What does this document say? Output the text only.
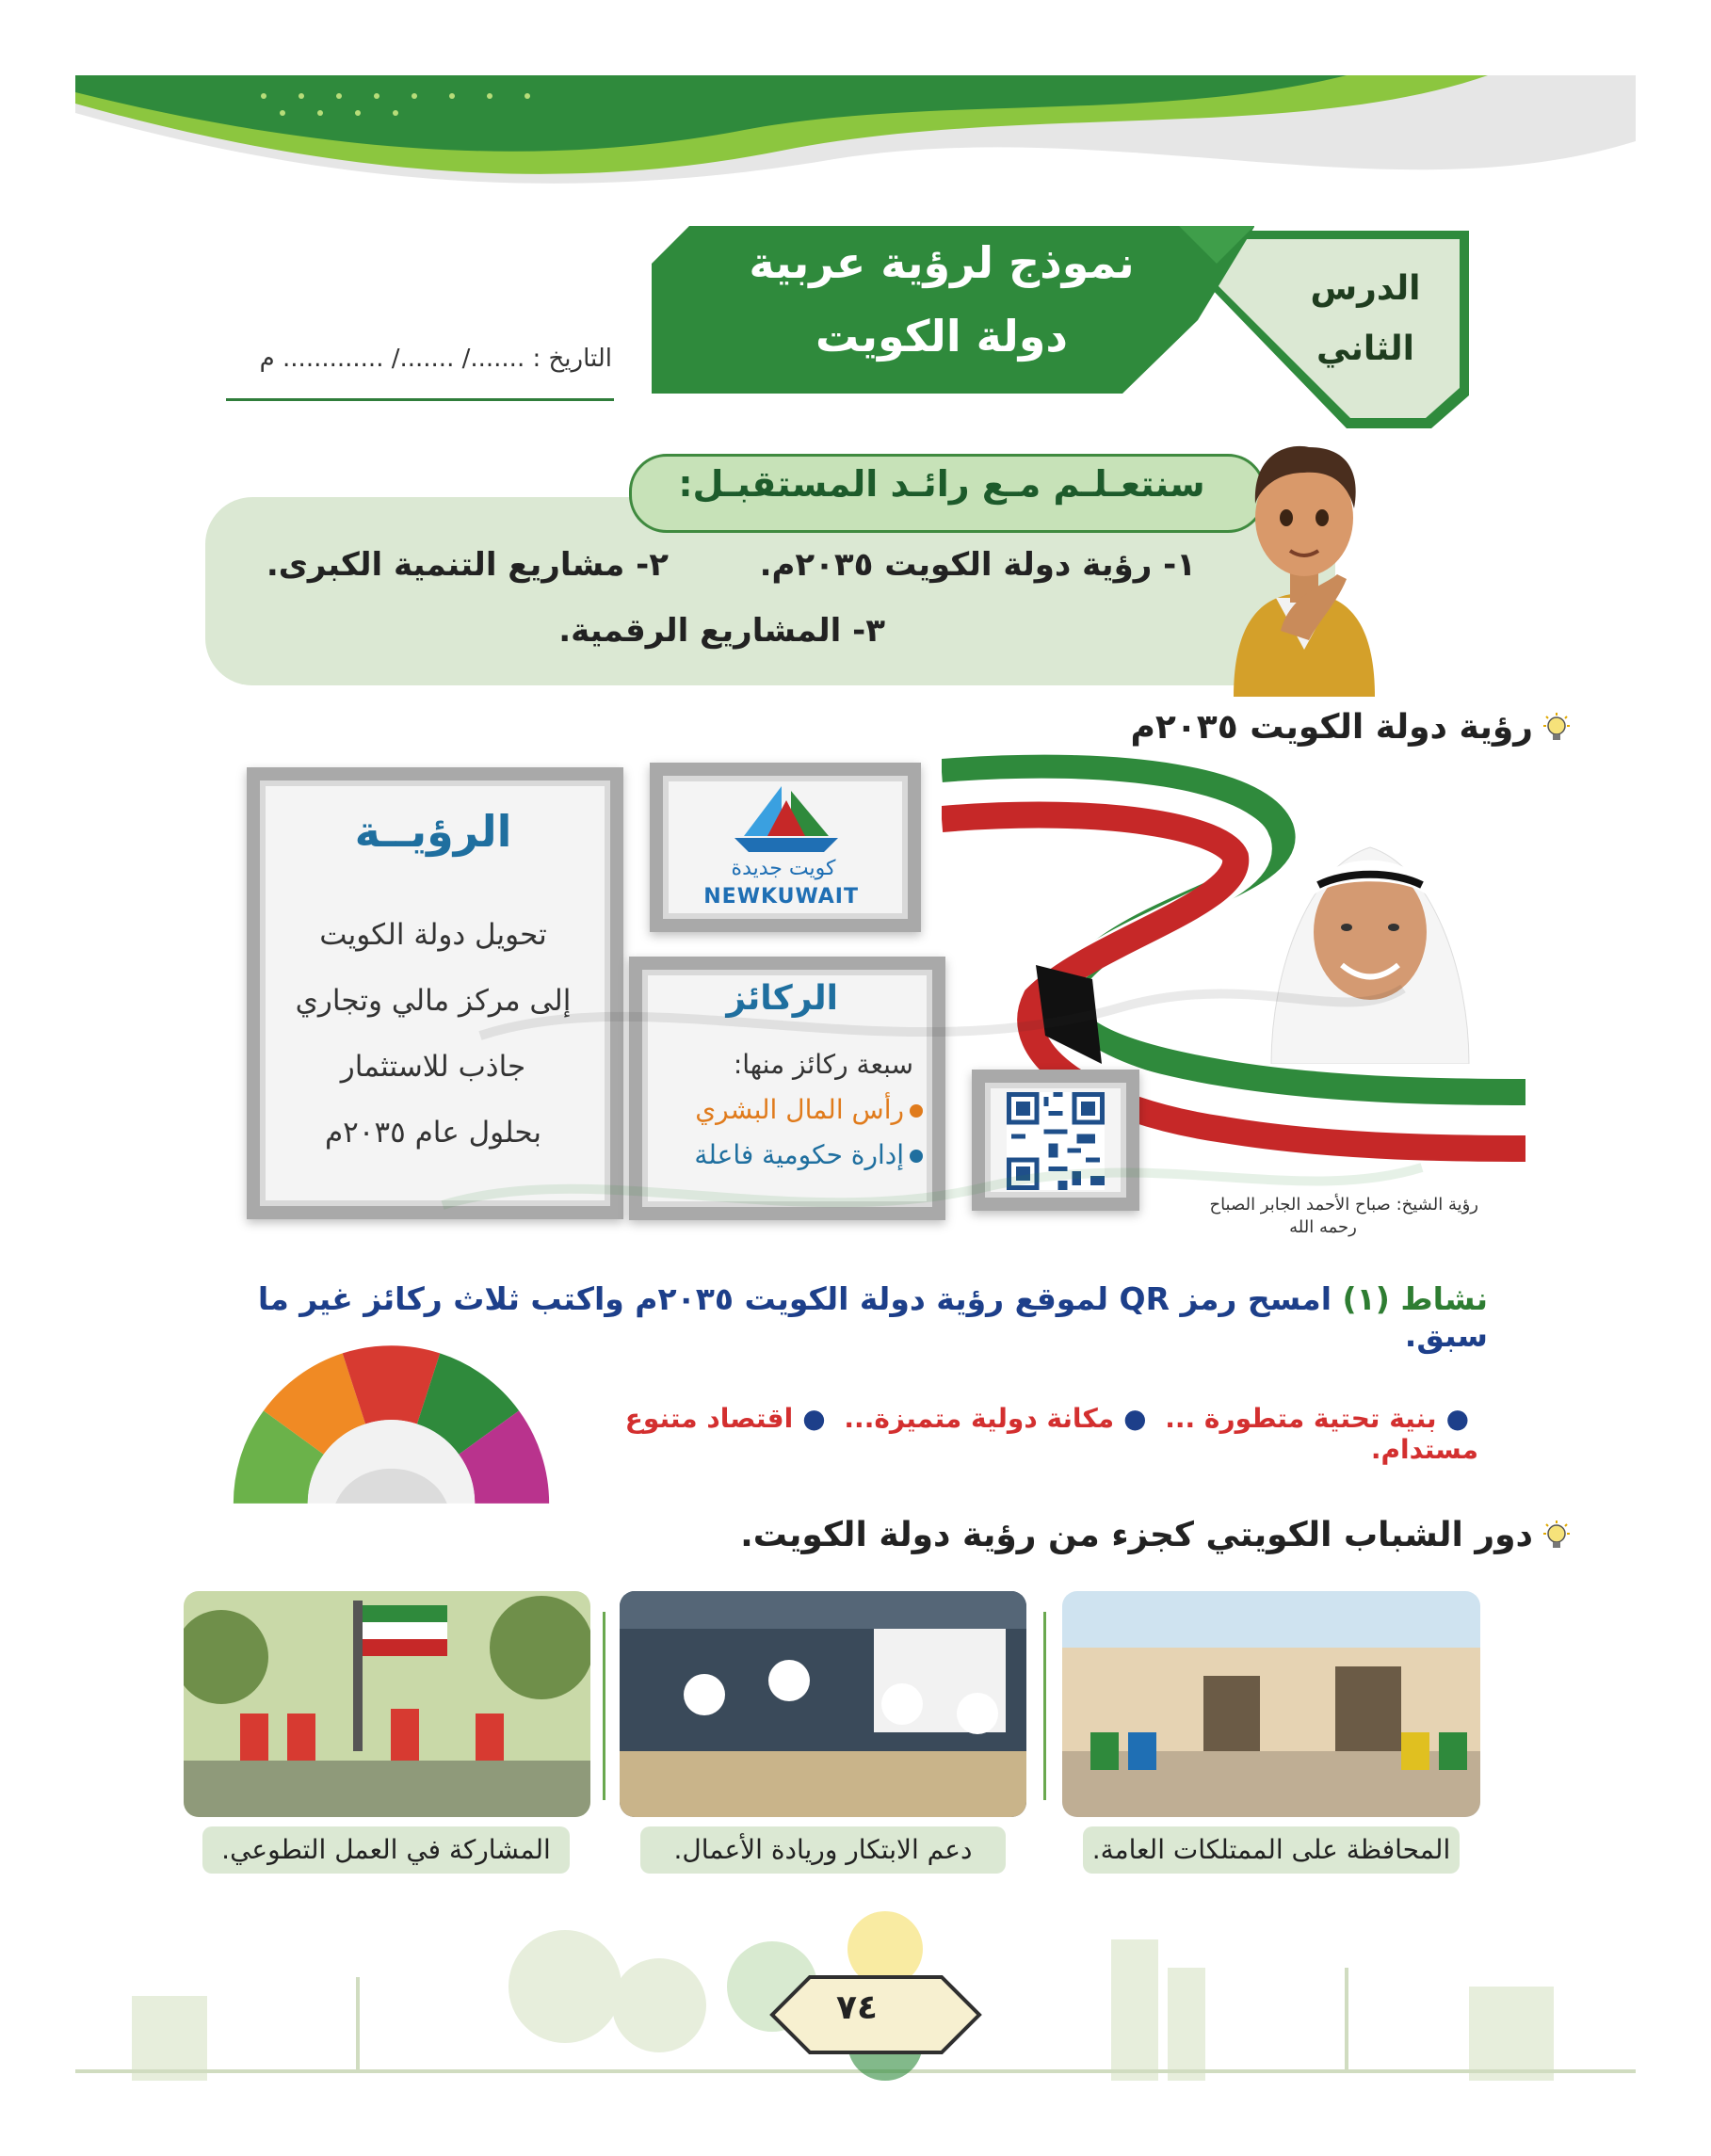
الدرس
الثاني
نموذج لرؤية عربية
دولة الكويت
التاريخ : ......./ ......./ ............. م
سنتعـلـم مـع رائـد المستقبـل:
١- رؤية دولة الكويت ٢٠٣٥م.
٢- مشاريع التنمية الكبرى.
٣- المشاريع الرقمية.
رؤية دولة الكويت ٢٠٣٥م
رؤية الشيخ: صباح الأحمد الجابر الصباح
رحمه الله
الرؤيــة
تحويل دولة الكويت
إلى مركز مالي وتجاري
جاذب للاستثمار
بحلول عام ٢٠٣٥م
كويت جديدة
NEWKUWAIT
الركائز
سبعة ركائز منها:
رأس المال البشري
إدارة حكومية فاعلة
نشاط (١) امسح رمز QR لموقع رؤية دولة الكويت ٢٠٣٥م واكتب ثلاث ركائز غير ما سبق.
●بنية تحتية متطورة ... ●مكانة دولية متميزة... ●اقتصاد متنوع مستدام.
دور الشباب الكويتي كجزء من رؤية دولة الكويت.
المحافظة على الممتلكات العامة.
دعم الابتكار وريادة الأعمال.
المشاركة في العمل التطوعي.
٧٤
